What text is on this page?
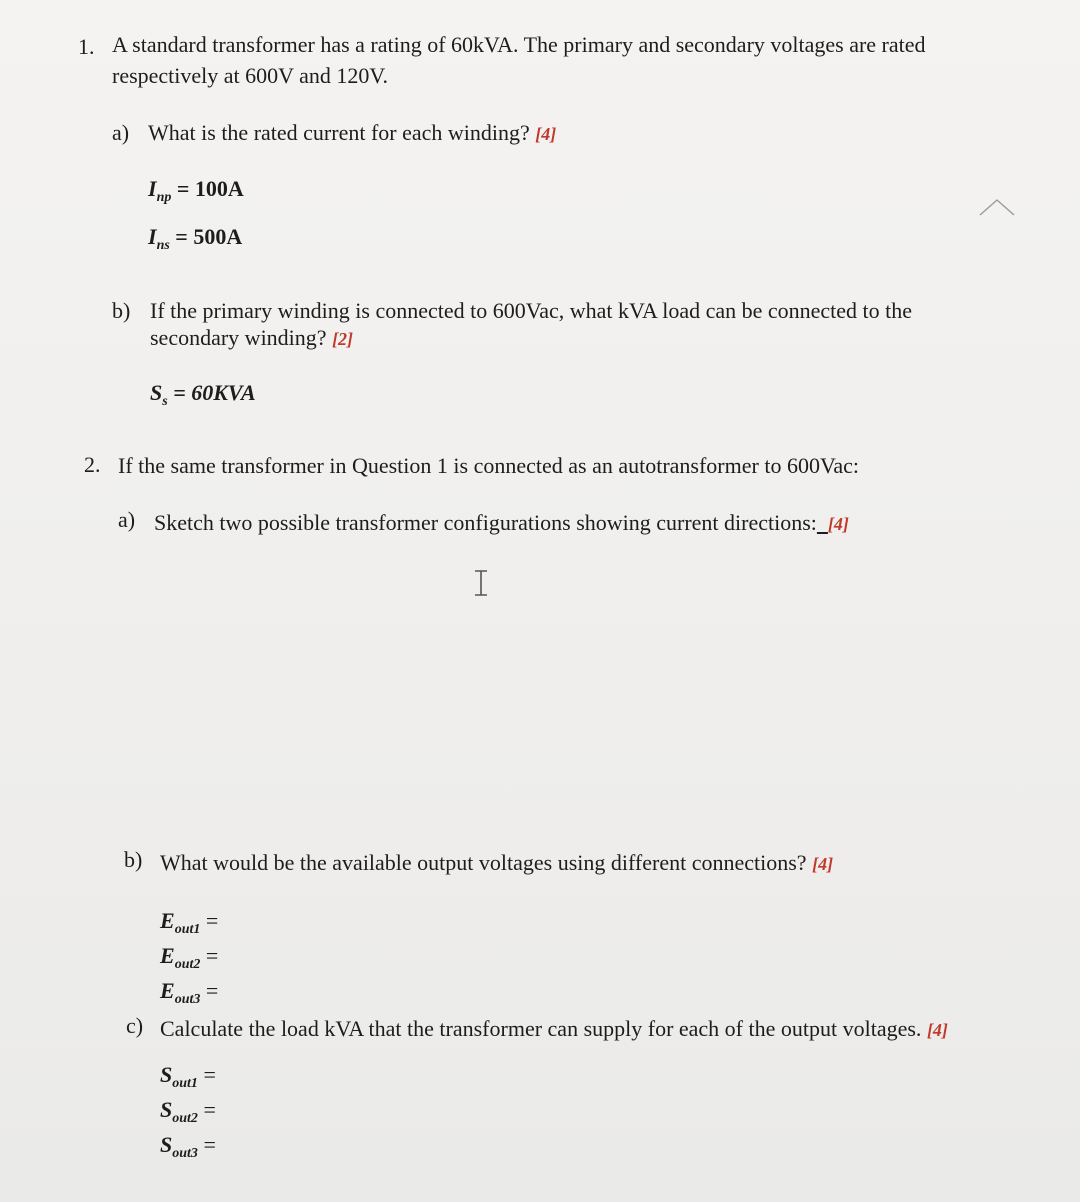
1. A standard transformer has a rating of 60kVA. The primary and secondary voltages are rated
respectively at 600V and 120V.
a) What is the rated current for each winding? [4]
$I_{np} = 100A$
$I_{ns} = 500A$
b) If the primary winding is connected to 600Vac, what kVA load can be connected to the
secondary winding? [2]
$S_s = 60KVA$
2. If the same transformer in Question 1 is connected as an autotransformer to 600Vac:
a) Sketch two possible transformer configurations showing current directions: [4]
b) What would be the available output voltages using different connections? [4]
$E_{out1}$ =
$E_{out2}$ =
$E_{out3}$ =
c) Calculate the load kVA that the transformer can supply for each of the output voltages. [4]
$S_{out1}$ =
$S_{out2}$ =
$S_{out3}$ =
